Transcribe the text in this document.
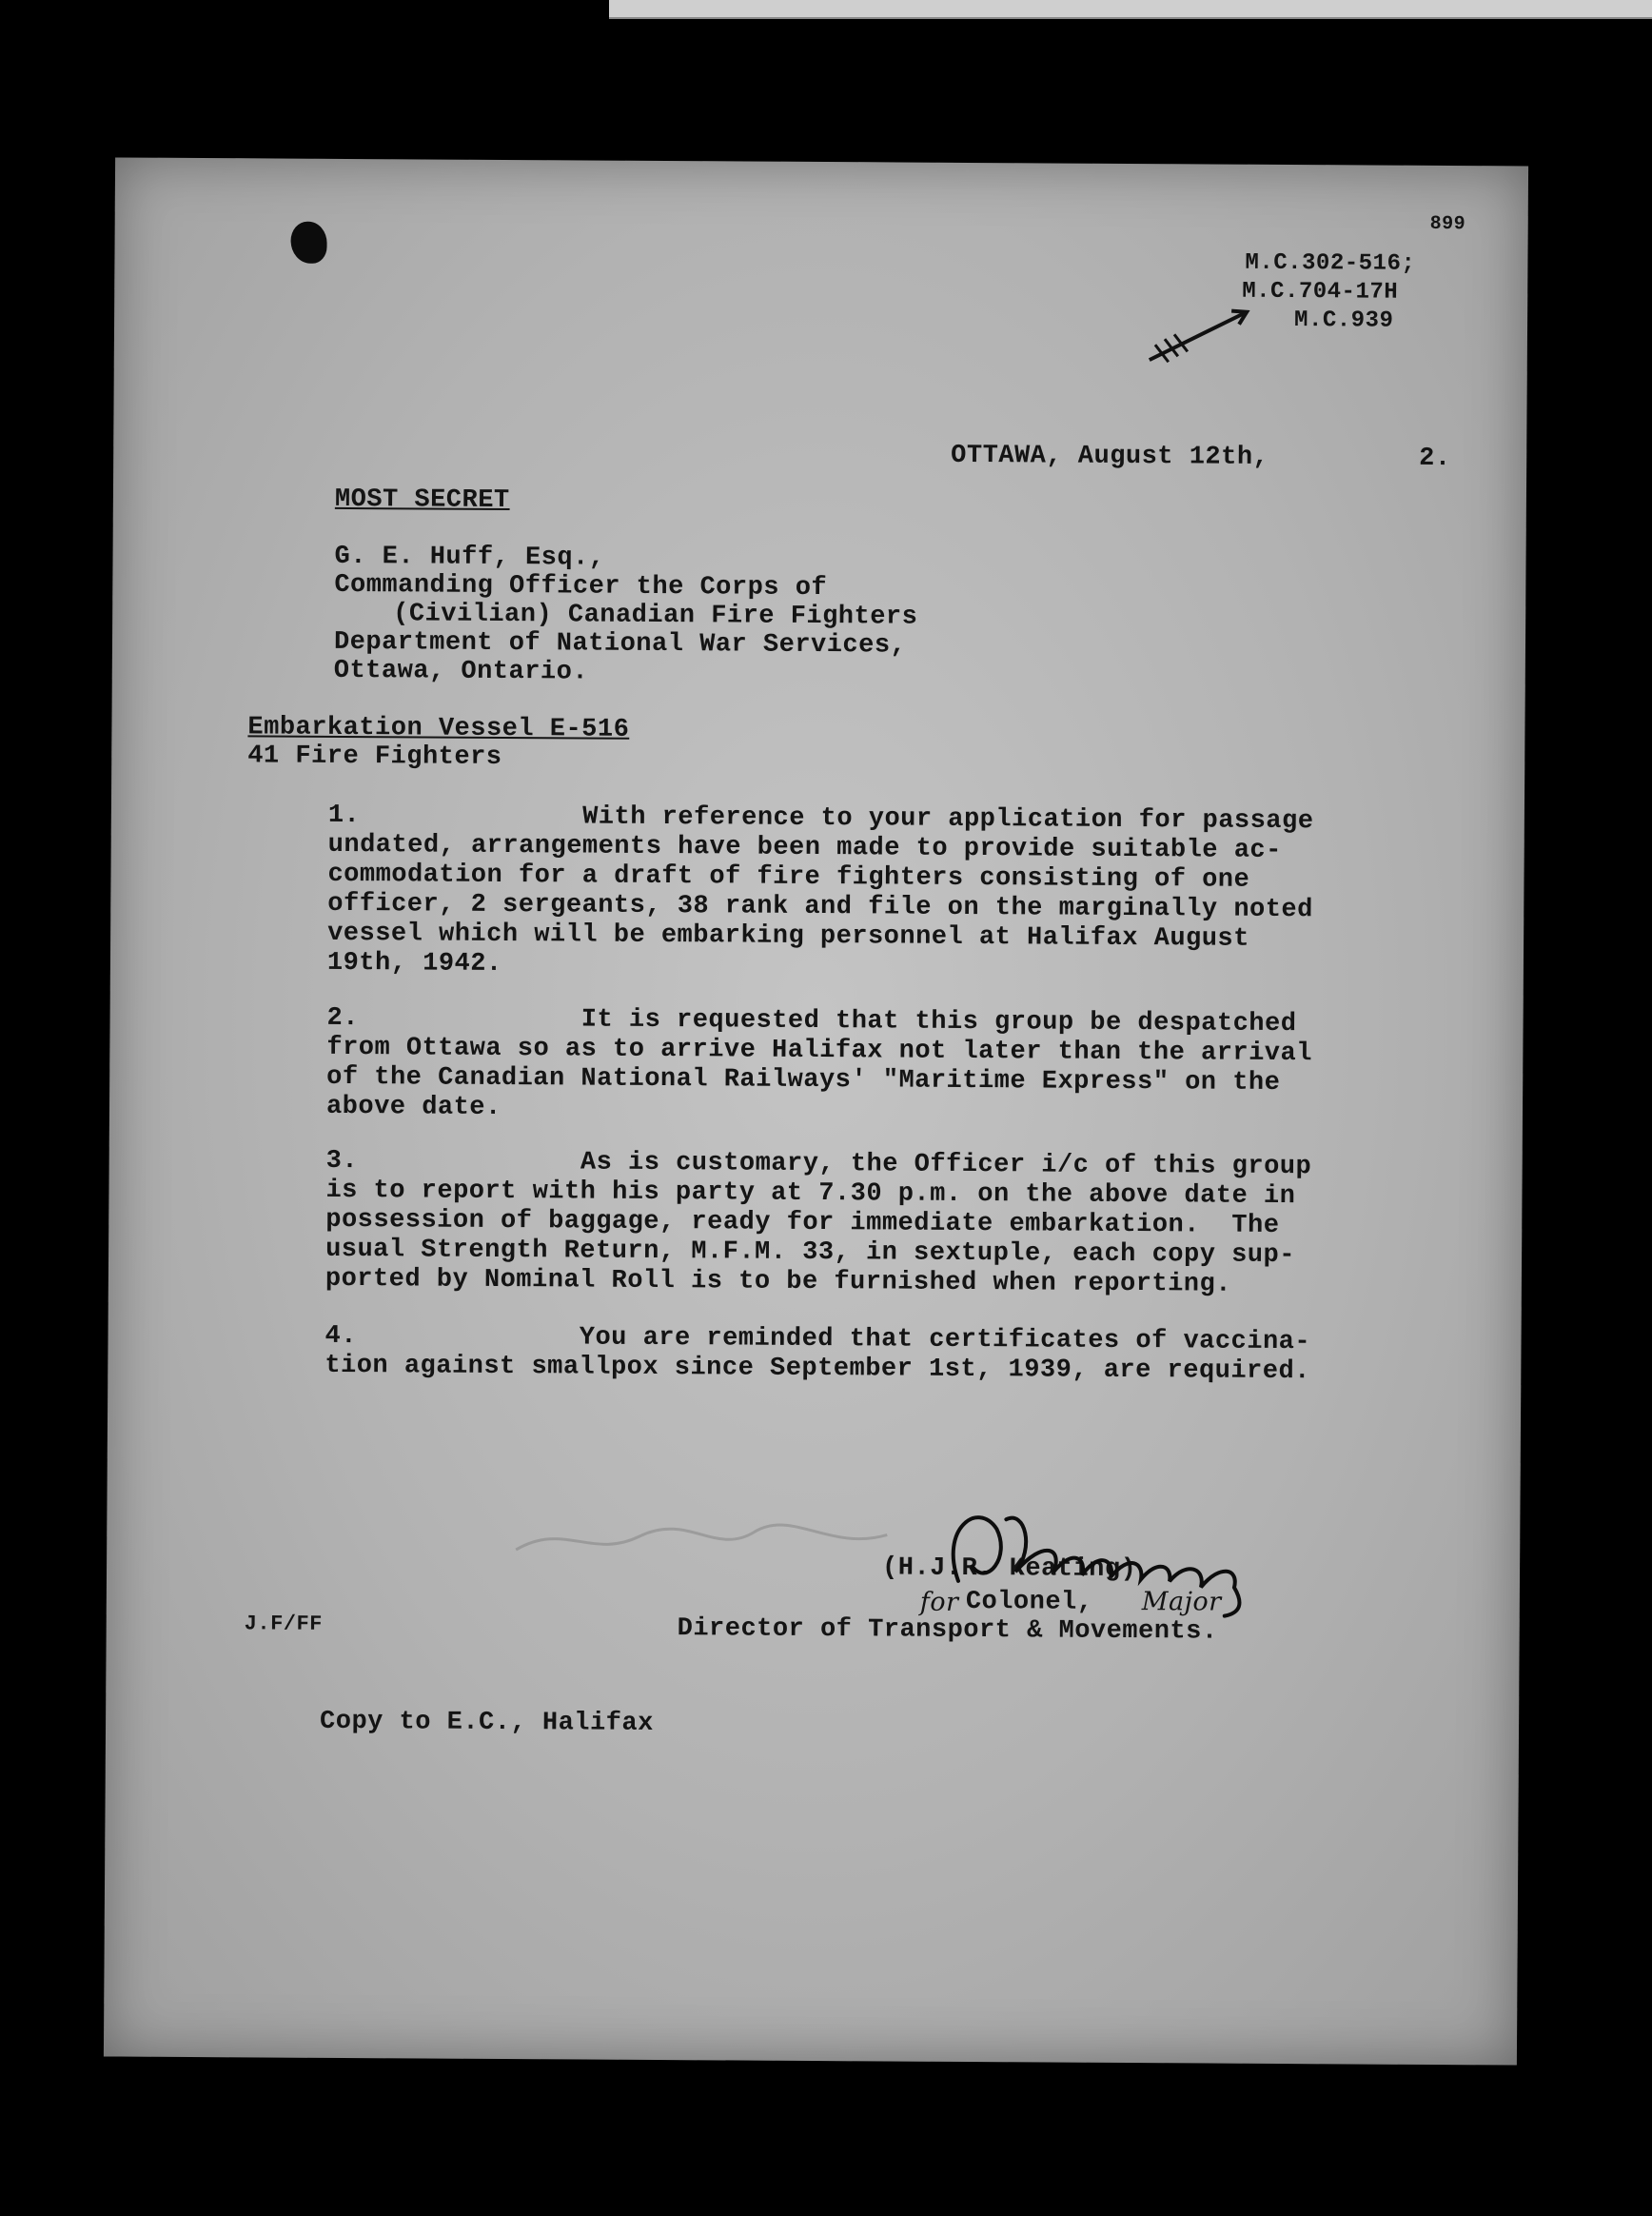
899
M.C.302-516;
M.C.704-17H
M.C.939
OTTAWA, August 12th,	2.
MOST SECRET
G. E. Huff, Esq.,
Commanding Officer the Corps of
(Civilian) Canadian Fire Fighters
Department of National War Services,
Ottawa, Ontario.
Embarkation Vessel E-516
41 Fire Fighters
1.	With reference to your application for passage
undated, arrangements have been made to provide suitable ac-
commodation for a draft of fire fighters consisting of one
officer, 2 sergeants, 38 rank and file on the marginally noted
vessel which will be embarking personnel at Halifax August
19th, 1942.
2.	It is requested that this group be despatched
from Ottawa so as to arrive Halifax not later than the arrival
of the Canadian National Railways' "Maritime Express" on the
above date.
3.	As is customary, the Officer i/c of this group
is to report with his party at 7.30 p.m. on the above date in
possession of baggage, ready for immediate embarkation.  The
usual Strength Return, M.F.M. 33, in sextuple, each copy sup-
ported by Nominal Roll is to be furnished when reporting.
4.	You are reminded that certificates of vaccina-
tion against smallpox since September 1st, 1939, are required.
(H.J.R. Keating)
for Colonel, Major
J.F/FF	Director of Transport & Movements.
Copy to E.C., Halifax
